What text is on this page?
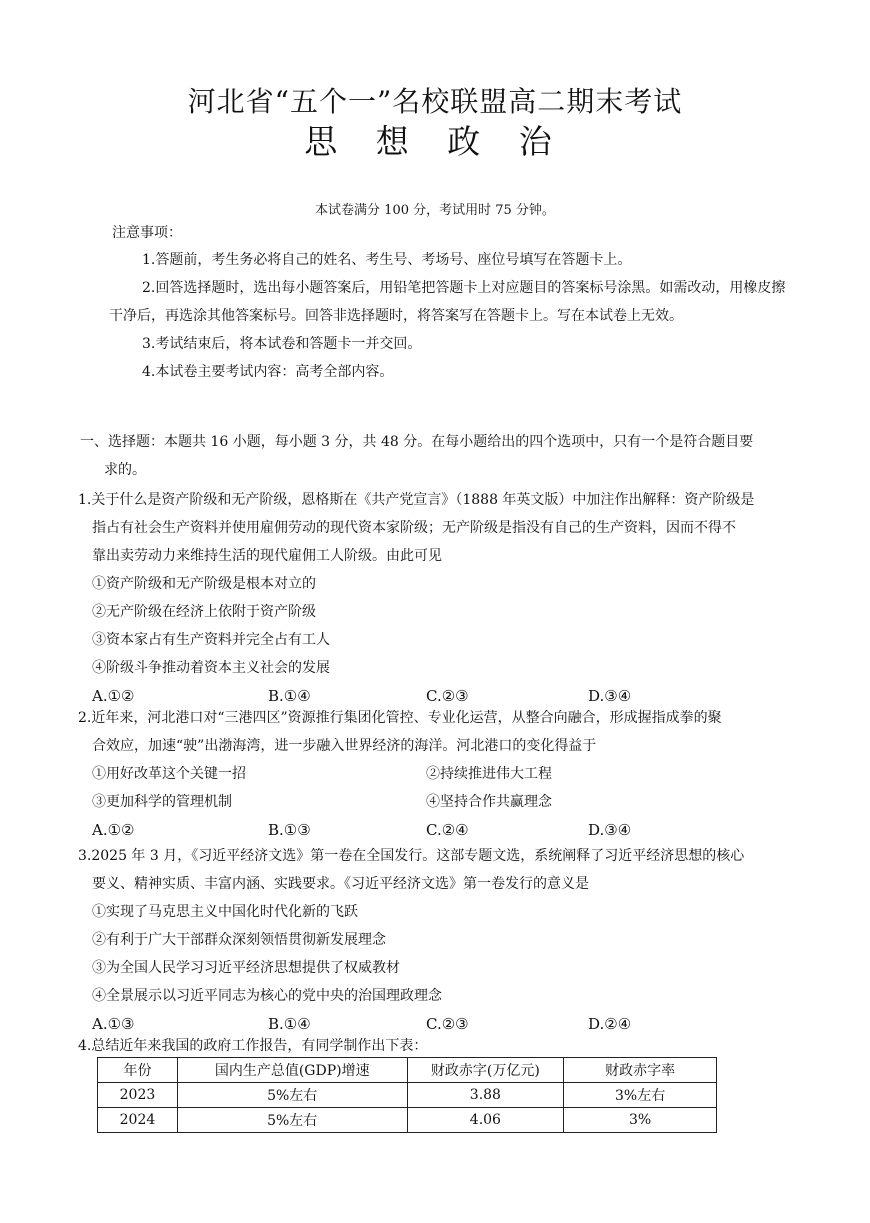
河北省“五个一”名校联盟高二期末考试
思 想 政 治
本试卷满分 100 分，考试用时 75 分钟。
注意事项：
1.答题前，考生务必将自己的姓名、考生号、考场号、座位号填写在答题卡上。
2.回答选择题时，选出每小题答案后，用铅笔把答题卡上对应题目的答案标号涂黑。如需改动，用橡皮擦干净后，再选涂其他答案标号。回答非选择题时，将答案写在答题卡上。写在本试卷上无效。
3.考试结束后，将本试卷和答题卡一并交回。
4.本试卷主要考试内容：高考全部内容。
一、选择题：本题共 16 小题，每小题 3 分，共 48 分。在每小题给出的四个选项中，只有一个是符合题目要
求的。
1.关于什么是资产阶级和无产阶级，恩格斯在《共产党宣言》（1888 年英文版）中加注作出解释：资产阶级是
指占有社会生产资料并使用雇佣劳动的现代资本家阶级；无产阶级是指没有自己的生产资料，因而不得不
靠出卖劳动力来维持生活的现代雇佣工人阶级。由此可见
①资产阶级和无产阶级是根本对立的
②无产阶级在经济上依附于资产阶级
③资本家占有生产资料并完全占有工人
④阶级斗争推动着资本主义社会的发展
A.①②	B.①④	C.②③	D.③④
2.近年来，河北港口对“三港四区”资源推行集团化管控、专业化运营，从整合向融合，形成握指成拳的聚
合效应，加速“驶”出渤海湾，进一步融入世界经济的海洋。河北港口的变化得益于
①用好改革这个关键一招	②持续推进伟大工程
③更加科学的管理机制	④坚持合作共赢理念
A.①②	B.①③	C.②④	D.③④
3.2025 年 3 月，《习近平经济文选》第一卷在全国发行。这部专题文选，系统阐释了习近平经济思想的核心
要义、精神实质、丰富内涵、实践要求。《习近平经济文选》第一卷发行的意义是
①实现了马克思主义中国化时代化新的飞跃
②有利于广大干部群众深刻领悟贯彻新发展理念
③为全国人民学习习近平经济思想提供了权威教材
④全景展示以习近平同志为核心的党中央的治国理政理念
A.①③	B.①④	C.②③	D.②④
4.总结近年来我国的政府工作报告，有同学制作出下表：
年份	国内生产总值(GDP)增速	财政赤字(万亿元)	财政赤字率
2023	5%左右	3.88	3%左右
2024	5%左右	4.06	3%
